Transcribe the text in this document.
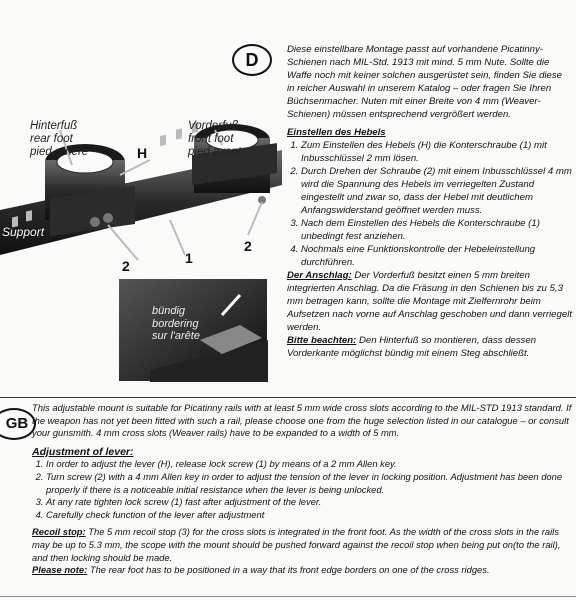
Hinterfuß
rear foot
pied arrière
Vorderfuß
front foot
pied avant
H
2
1
2
Support
bündig
bordering
sur l'arête
D

Diese einstellbare Montage passt auf vorhandene Picatinny-Schienen nach MIL-Std. 1913 mit mind. 5 mm Nute. Sollte die Waffe noch mit keiner solchen ausgerüstet sein, finden Sie diese in reicher Auswahl in unserem Katalog – oder fragen Sie Ihren Büchsenmacher. Nuten mit einer Breite von 4 mm (Weaver-Schienen) müssen entsprechend vergrößert werden.

Einstellen des Hebels

1. Zum Einstellen des Hebels (H) die Konterschraube (1) mit Inbusschlüssel 2 mm lösen.
2. Durch Drehen der Schraube (2) mit einem Inbusschlüssel 4 mm wird die Spannung des Hebels im verriegelten Zustand eingestellt und zwar so, dass der Hebel mit deutlichem Anfangswiderstand geöffnet werden muss.
3. Nach dem Einstellen des Hebels die Konterschraube (1) unbedingt fest anziehen.
4. Nochmals eine Funktionskontrolle der Hebeleinstellung durchführen.

Der Anschlag: Der Vorderfuß besitzt einen 5 mm breiten integrierten Anschlag. Da die Fräsung in den Schienen bis zu 5,3 mm betragen kann, sollte die Montage mit Zielfernrohr beim Aufsetzen nach vorne auf Anschlag geschoben und dann verriegelt werden.

Bitte beachten: Den Hinterfuß so montieren, dass dessen Vorderkante möglichst bündig mit einem Steg abschließt.

GB

This adjustable mount is suitable for Picatinny rails with at least 5 mm wide cross slots according to the MIL-STD 1913 standard. If the weapon has not yet been fitted with such a rail, please choose one from the huge selection listed in our catalogue – or consult your gunsmith. 4 mm cross slots (Weaver rails) have to be expanded to a width of 5 mm.

Adjustment of lever:

1. In order to adjust the lever (H), release lock screw (1) by means of a 2 mm Allen key.
2. Turn screw (2) with a 4 mm Allen key in order to adjust the tension of the lever in locking position. Adjustment has been done properly if there is a noticeable initial resistance when the lever is being unlocked.
3. At any rate tighten lock screw (1) fast after adjustment of the lever.
4. Carefully check function of the lever after adjustment

Recoil stop: The 5 mm recoil stop (3) for the cross slots is integrated in the front foot. As the width of the cross slots in the rails may be up to 5.3 mm, the scope with the mount should be pushed forward against the recoil stop when being put on(to the rail), and then locking should be made.

Please note: The rear foot has to be positioned in a way that its front edge borders on one of the cross ridges.
